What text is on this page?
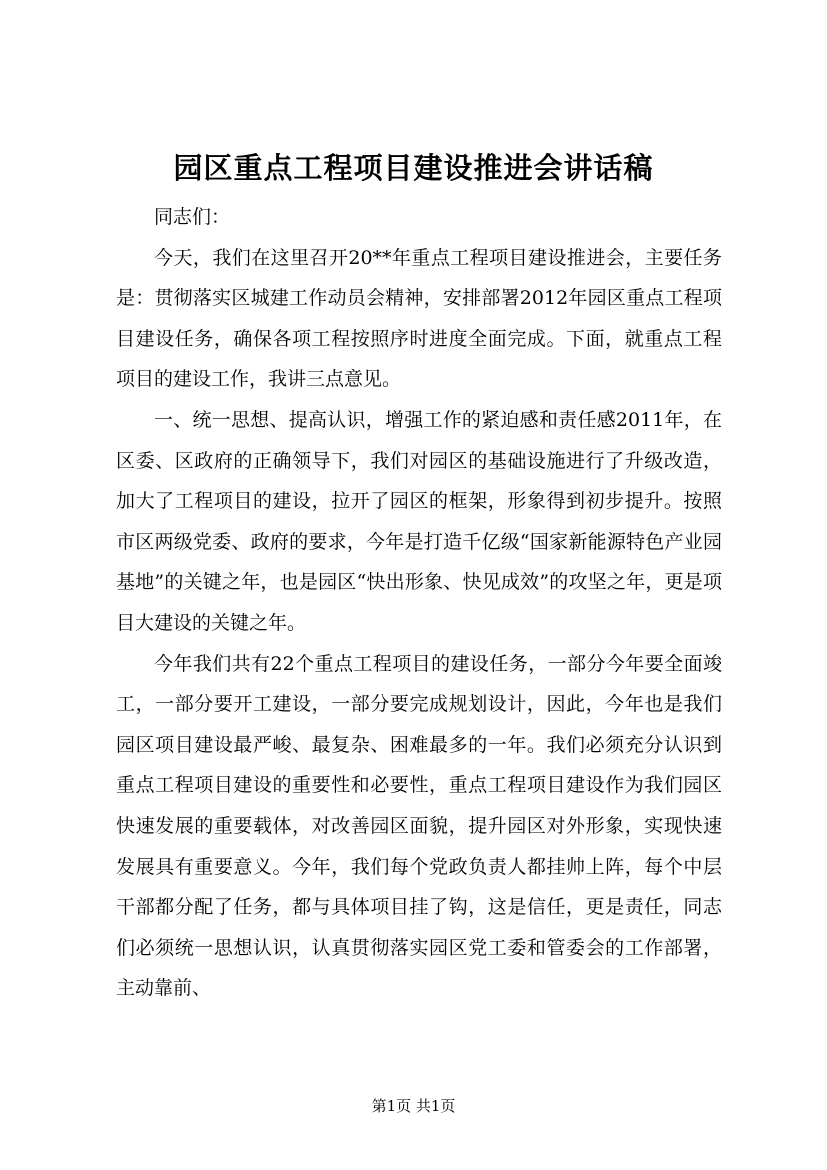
园区重点工程项目建设推进会讲话稿

同志们：

今天，我们在这里召开20**年重点工程项目建设推进会，主要任务是：贯彻落实区城建工作动员会精神，安排部署2012年园区重点工程项目建设任务，确保各项工程按照序时进度全面完成。下面，就重点工程项目的建设工作，我讲三点意见。

一、统一思想、提高认识，增强工作的紧迫感和责任感2011年，在区委、区政府的正确领导下，我们对园区的基础设施进行了升级改造，加大了工程项目的建设，拉开了园区的框架，形象得到初步提升。按照市区两级党委、政府的要求，今年是打造千亿级“国家新能源特色产业园基地”的关键之年，也是园区“快出形象、快见成效”的攻坚之年，更是项目大建设的关键之年。

今年我们共有22个重点工程项目的建设任务，一部分今年要全面竣工，一部分要开工建设，一部分要完成规划设计，因此，今年也是我们园区项目建设最严峻、最复杂、困难最多的一年。我们必须充分认识到重点工程项目建设的重要性和必要性，重点工程项目建设作为我们园区快速发展的重要载体，对改善园区面貌，提升园区对外形象，实现快速发展具有重要意义。今年，我们每个党政负责人都挂帅上阵，每个中层干部都分配了任务，都与具体项目挂了钩，这是信任，更是责任，同志们必须统一思想认识，认真贯彻落实园区党工委和管委会的工作部署，主动靠前、

第1页 共1页
